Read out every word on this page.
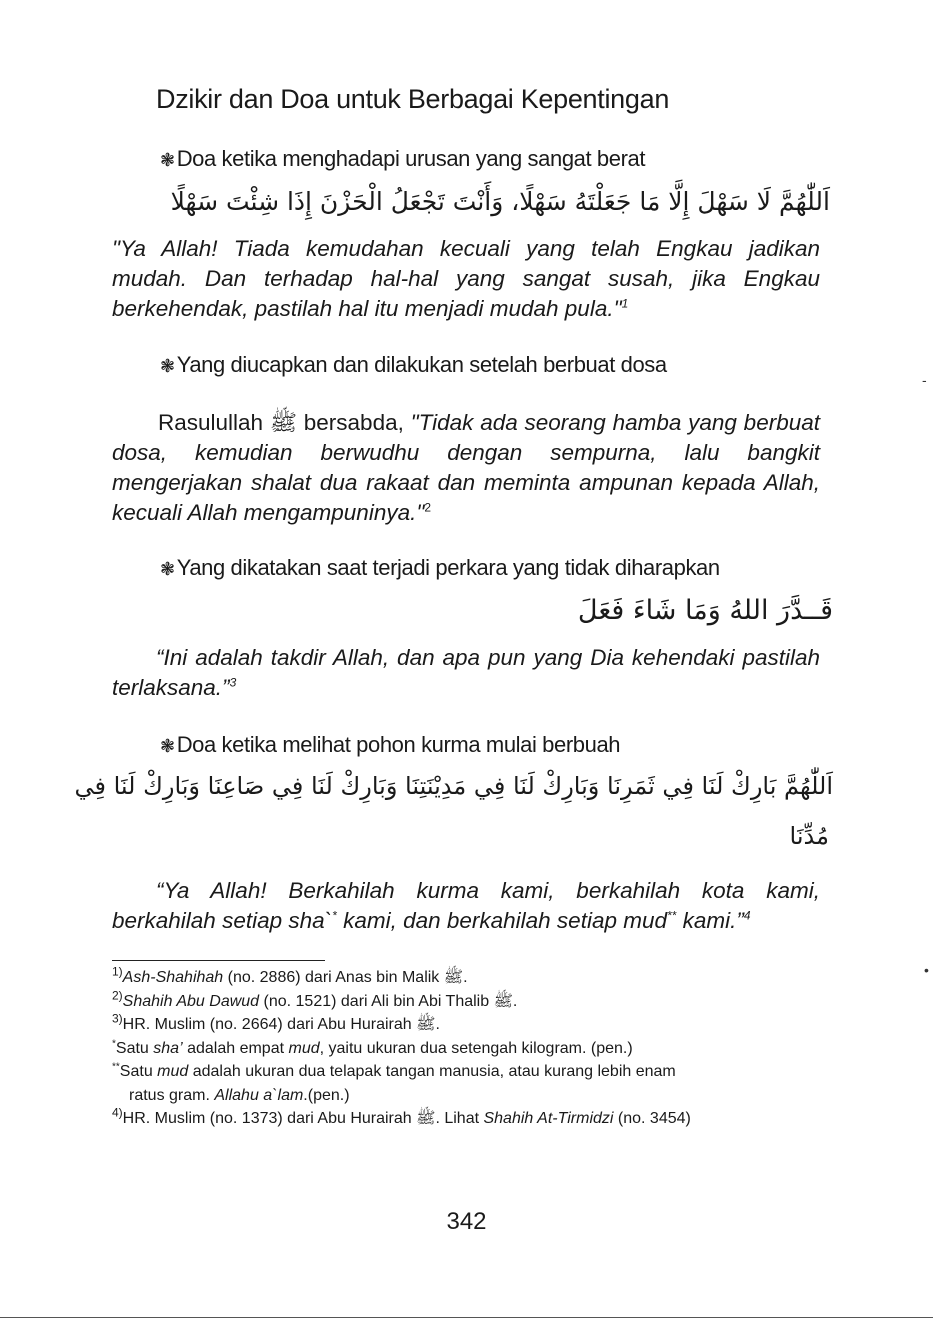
Dzikir dan Doa untuk Berbagai Kepentingan
❃Doa ketika menghadapi urusan yang sangat berat
اَللّٰهُمَّ لَا سَهْلَ إِلَّا مَا جَعَلْتَهُ سَهْلًا، وَأَنْتَ تَجْعَلُ الْحَزْنَ إِذَا شِئْتَ سَهْلًا

"Ya Allah! Tiada kemudahan kecuali yang telah Engkau jadikan mudah. Dan terhadap hal-hal yang sangat susah, jika Engkau berkehendak, pastilah hal itu menjadi mudah pula."$^1$

❃Yang diucapkan dan dilakukan setelah berbuat dosa

Rasulullah ﷺ bersabda, "Tidak ada seorang hamba yang berbuat dosa, kemudian berwudhu dengan sempurna, lalu bangkit mengerjakan shalat dua rakaat dan meminta ampunan kepada Allah, kecuali Allah mengampuninya."$^2$

❃Yang dikatakan saat terjadi perkara yang tidak diharapkan
قَــدَّرَ اللهُ وَمَا شَاءَ فَعَلَ

“Ini adalah takdir Allah, dan apa pun yang Dia kehendaki pastilah terlaksana.”$^3$

❃Doa ketika melihat pohon kurma mulai berbuah
اَللّٰهُمَّ بَارِكْ لَنَا فِي ثَمَرِنَا وَبَارِكْ لَنَا فِي مَدِيْنَتِنَا وَبَارِكْ لَنَا فِي صَاعِنَا وَبَارِكْ لَنَا فِي
مُدِّنَا

“Ya Allah! Berkahilah kurma kami, berkahilah kota kami, berkahilah setiap sha`* kami, dan berkahilah setiap mud** kami.”$^4$

$^{1)}$Ash-Shahihah (no. 2886) dari Anas bin Malik ﷺ.
$^{2)}$Shahih Abu Dawud (no. 1521) dari Ali bin Abi Thalib ﷺ.
$^{3)}$HR. Muslim (no. 2664) dari Abu Hurairah ﷺ.
*Satu sha’ adalah empat mud, yaitu ukuran dua setengah kilogram. (pen.)
**Satu mud adalah ukuran dua telapak tangan manusia, atau kurang lebih enam
ratus gram. Allahu a`lam.(pen.)
$^{4)}$HR. Muslim (no. 1373) dari Abu Hurairah ﷺ. Lihat Shahih At-Tirmidzi (no. 3454)
342
-
•
